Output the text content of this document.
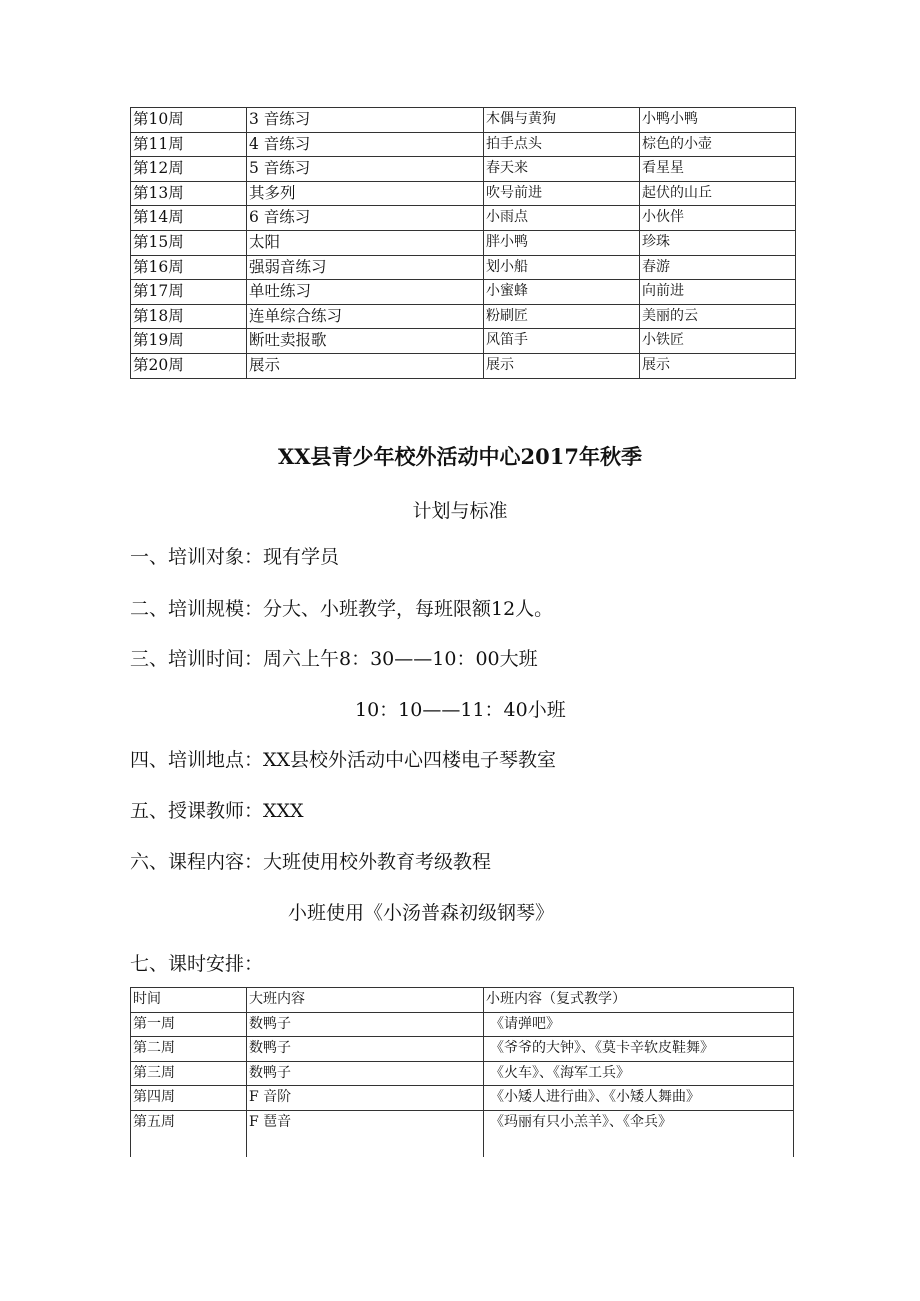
第10周	3 音练习	木偶与黄狗	小鸭小鸭
第11周	4 音练习	拍手点头	棕色的小壶
第12周	5 音练习	春天来	看星星
第13周	其多列	吹号前进	起伏的山丘
第14周	6 音练习	小雨点	小伙伴
第15周	太阳	胖小鸭	珍珠
第16周	强弱音练习	划小船	春游
第17周	单吐练习	小蜜蜂	向前进
第18周	连单综合练习	粉刷匠	美丽的云
第19周	断吐卖报歌	风笛手	小铁匠
第20周	展示	展示	展示
XX县青少年校外活动中心2017年秋季
计划与标准
一、培训对象：现有学员
二、培训规模：分大、小班教学，每班限额12人。
三、培训时间：周六上午8：30——10：00大班
10：10——11：40小班
四、培训地点：XX县校外活动中心四楼电子琴教室
五、授课教师：XXX
六、课程内容：大班使用校外教育考级教程
小班使用《小汤普森初级钢琴》
七、课时安排：
时间	大班内容	小班内容（复式教学）
第一周	数鸭子	《请弹吧》
第二周	数鸭子	《爷爷的大钟》、《莫卡辛软皮鞋舞》
第三周	数鸭子	《火车》、《海军工兵》
第四周	F 音阶	《小矮人进行曲》、《小矮人舞曲》
第五周	F 琶音	《玛丽有只小羔羊》、《伞兵》
